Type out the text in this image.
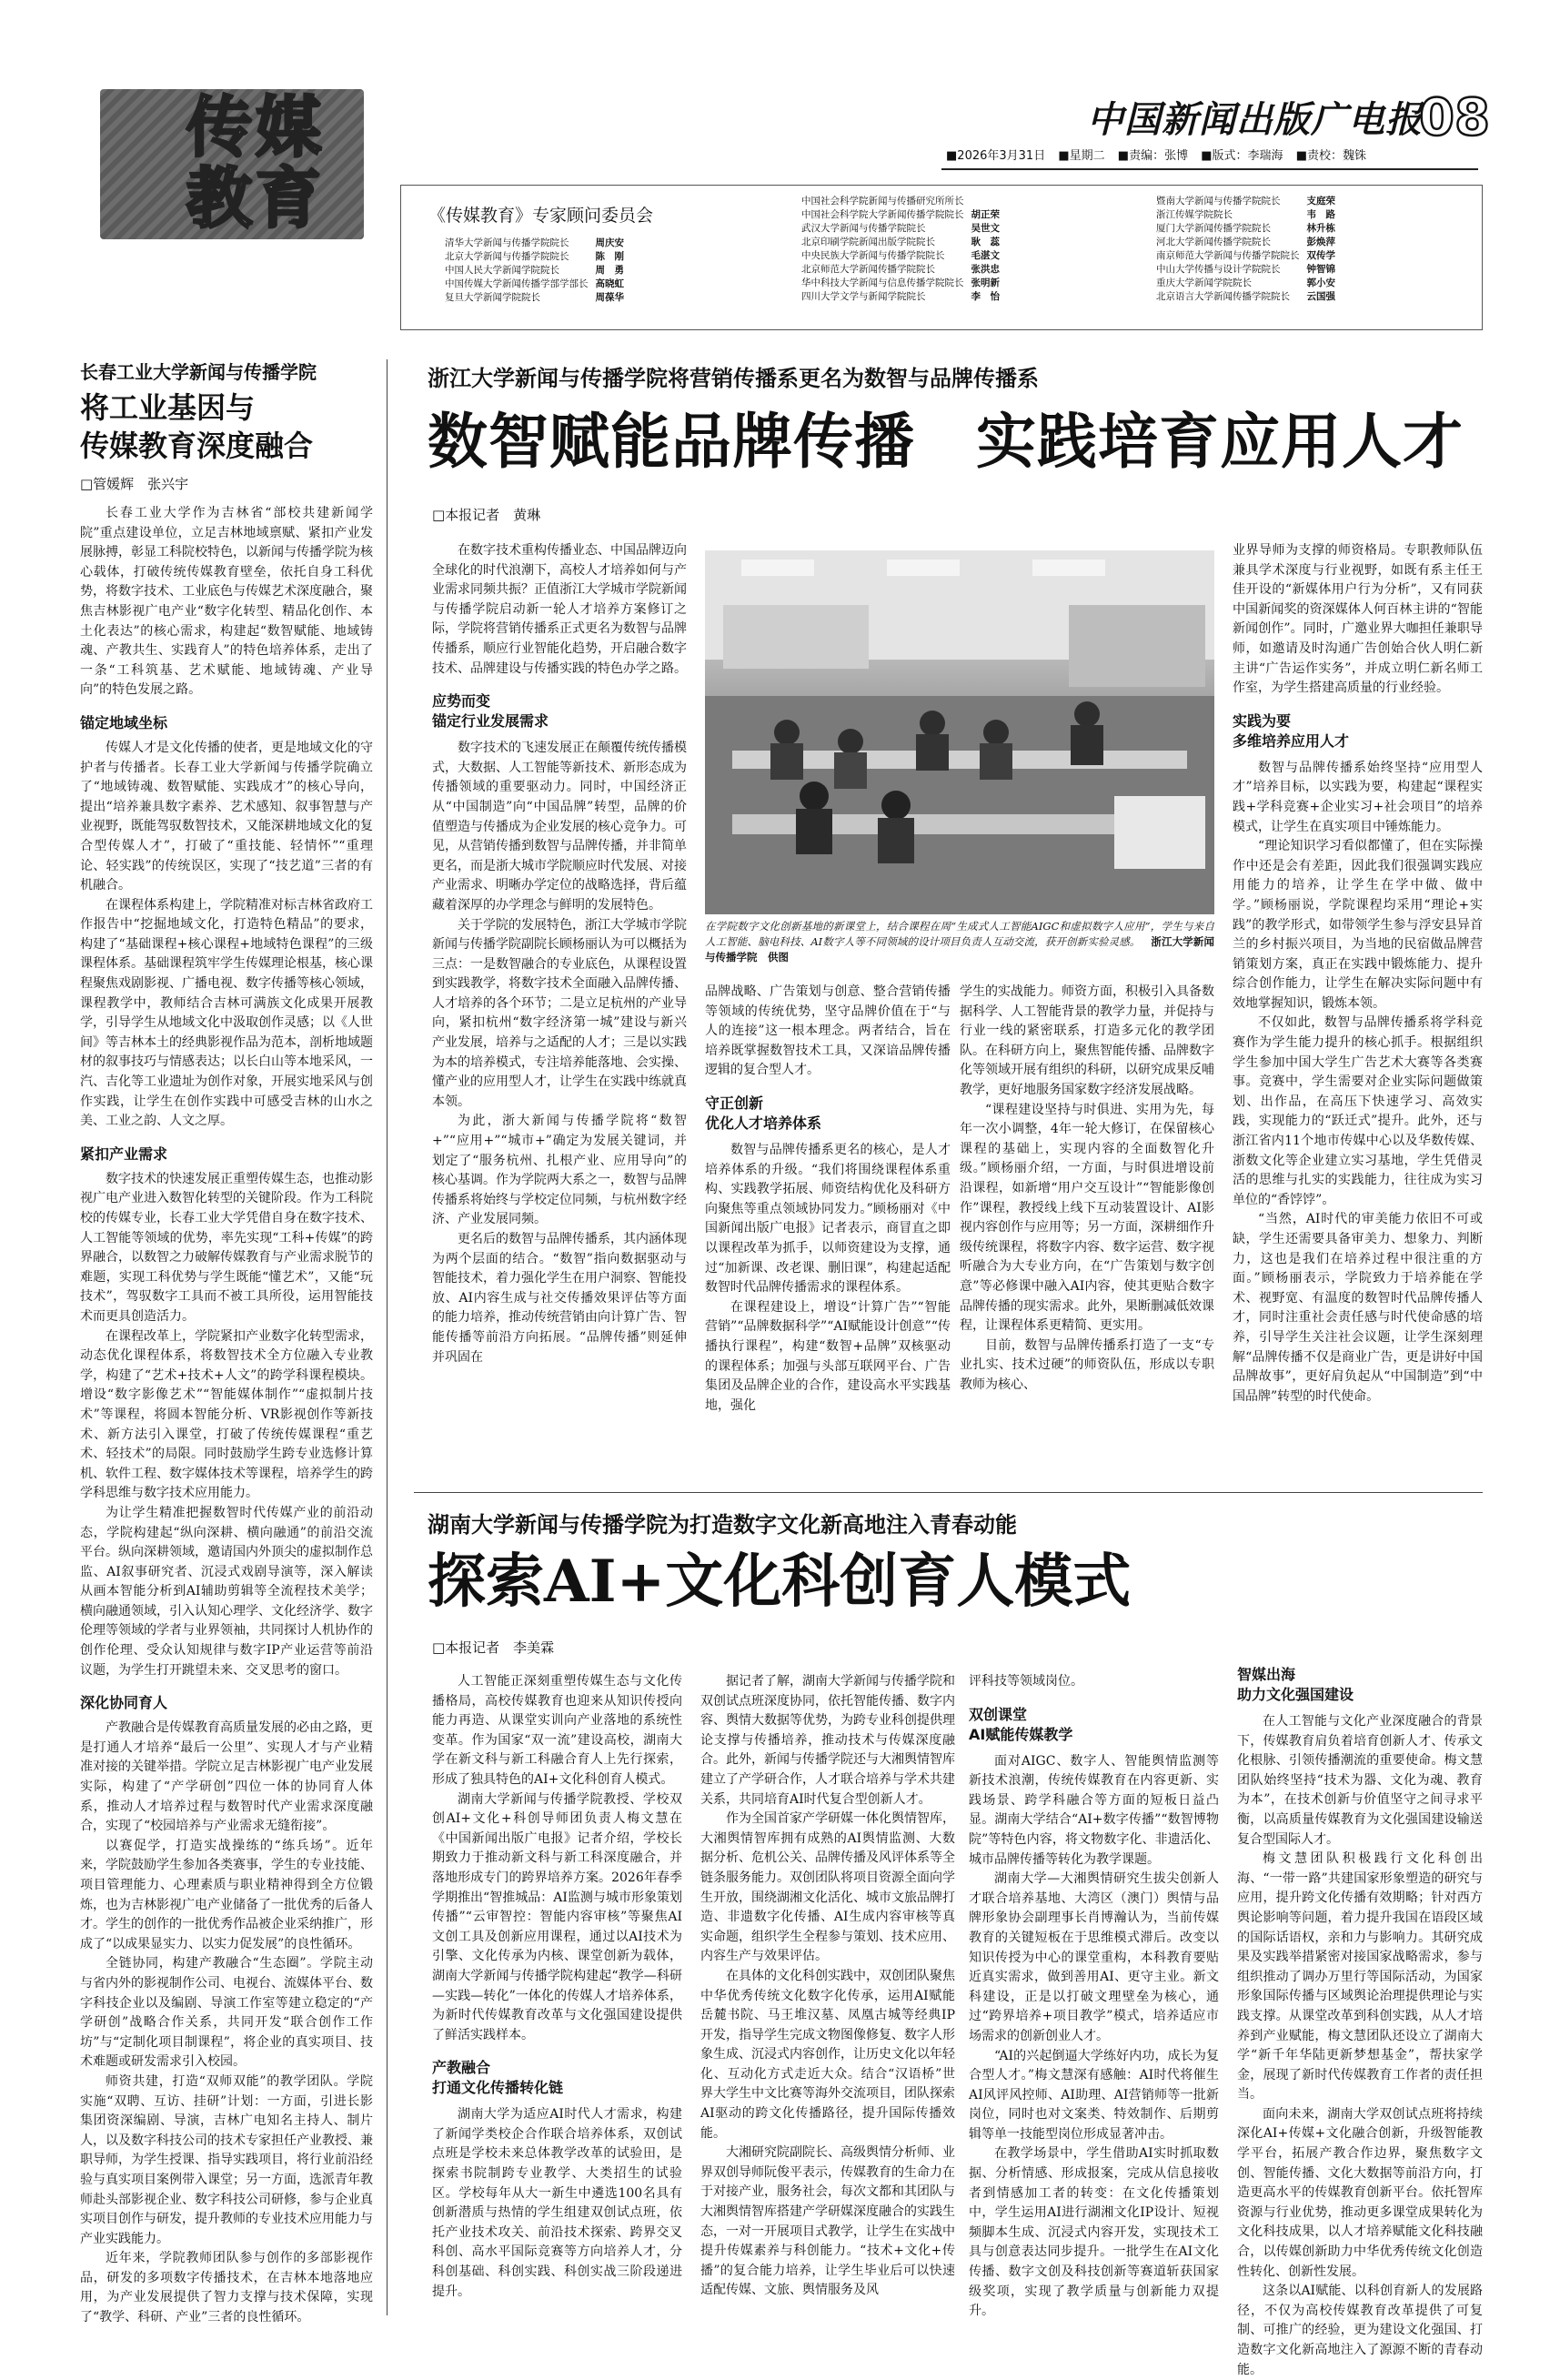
传媒
教育
中国新闻出版广电报
08
■2026年3月31日 ■星期二 ■责编：张博 ■版式：李瑞海 ■责校：魏铢
《传媒教育》专家顾问委员会
清华大学新闻与传播学院院长	周庆安
北京大学新闻与传播学院院长	陈　刚
中国人民大学新闻学院院长	周　勇
中国传媒大学新闻传播学部学部长	高晓虹
复旦大学新闻学院院长	周葆华
中国社会科学院新闻与传播研究所所长	
中国社会科学院大学新闻传播学院院长	胡正荣
武汉大学新闻与传播学院院长	吴世文
北京印刷学院新闻出版学院院长	耿　蕊
中央民族大学新闻与传播学院院长	毛湛文
北京师范大学新闻传播学院院长	张洪忠
华中科技大学新闻与信息传播学院院长	张明新
四川大学文学与新闻学院院长	李　怡
暨南大学新闻与传播学院院长	支庭荣
浙江传媒学院院长	韦　路
厦门大学新闻传播学院院长	林升栋
河北大学新闻传播学院院长	彭焕萍
南京师范大学新闻与传播学院院长	双传学
中山大学传播与设计学院院长	钟智锦
重庆大学新闻学院院长	郭小安
北京语言大学新闻传播学院院长	云国强
长春工业大学新闻与传播学院
将工业基因与
传媒教育深度融合
□管媛辉　张兴宇

长春工业大学作为吉林省“部校共建新闻学院”重点建设单位，立足吉林地域禀赋、紧扣产业发展脉搏，彰显工科院校特色，以新闻与传播学院为核心载体，打破传统传媒教育壁垒，依托自身工科优势，将数字技术、工业底色与传媒艺术深度融合，聚焦吉林影视广电产业“数字化转型、精品化创作、本土化表达”的核心需求，构建起“数智赋能、地域铸魂、产教共生、实践育人”的特色培养体系，走出了一条“工科筑基、艺术赋能、地域铸魂、产业导向”的特色发展之路。

锚定地域坐标

传媒人才是文化传播的使者，更是地域文化的守护者与传播者。长春工业大学新闻与传播学院确立了“地域铸魂、数智赋能、实践成才”的核心导向，提出“培养兼具数字素养、艺术感知、叙事智慧与产业视野，既能驾驭数智技术，又能深耕地域文化的复合型传媒人才”，打破了“重技能、轻情怀”“重理论、轻实践”的传统误区，实现了“技艺道”三者的有机融合。

在课程体系构建上，学院精准对标吉林省政府工作报告中“挖掘地域文化，打造特色精品”的要求，构建了“基础课程+核心课程+地域特色课程”的三级课程体系。基础课程筑牢学生传媒理论根基，核心课程聚焦戏剧影视、广播电视、数字传播等核心领域，课程教学中，教师结合吉林可满族文化成果开展教学，引导学生从地域文化中汲取创作灵感；以《人世间》等吉林本土的经典影视作品为范本，剖析地域题材的叙事技巧与情感表达；以长白山等本地采风，一汽、吉化等工业遗址为创作对象，开展实地采风与创作实践，让学生在创作实践中可感受吉林的山水之美、工业之韵、人文之厚。

紧扣产业需求

数字技术的快速发展正重塑传媒生态，也推动影视广电产业进入数智化转型的关键阶段。作为工科院校的传媒专业，长春工业大学凭借自身在数字技术、人工智能等领域的优势，率先实现“工科+传媒”的跨界融合，以数智之力破解传媒教育与产业需求脱节的难题，实现工科优势与学生既能“懂艺术”，又能“玩技术”，驾驭数字工具而不被工具所役，运用智能技术而更具创造活力。

在课程改革上，学院紧扣产业数字化转型需求，动态优化课程体系，将数智技术全方位融入专业教学，构建了“艺术+技术+人文”的跨学科课程模块。增设“数字影像艺术”“智能媒体制作”“虚拟制片技术”等课程，将圆本智能分析、VR影视创作等新技术、新方法引入课堂，打破了传统传媒课程“重艺术、轻技术”的局限。同时鼓励学生跨专业选修计算机、软件工程、数字媒体技术等课程，培养学生的跨学科思维与数字技术应用能力。

为让学生精准把握数智时代传媒产业的前沿动态，学院构建起“纵向深耕、横向融通”的前沿交流平台。纵向深耕领域，邀请国内外顶尖的虚拟制作总监、AI叙事研究者、沉浸式戏剧导演等，深入解读从画本智能分析到AI辅助剪辑等全流程技术美学；横向融通领域，引入认知心理学、文化经济学、数字伦理等领域的学者与业界领袖，共同探讨人机协作的创作伦理、受众认知规律与数字IP产业运营等前沿议题，为学生打开跳望未来、交叉思考的窗口。

深化协同育人

产教融合是传媒教育高质量发展的必由之路，更是打通人才培养“最后一公里”、实现人才与产业精准对接的关键举措。学院立足吉林影视广电产业发展实际，构建了“产学研创”四位一体的协同育人体系，推动人才培养过程与数智时代产业需求深度融合，实现了“校园培养与产业需求无缝衔接”。

以赛促学，打造实战操练的“练兵场”。近年来，学院鼓励学生参加各类赛事，学生的专业技能、项目管理能力、心理素质与职业精神得到全方位锻炼，也为吉林影视广电产业储备了一批优秀的后备人才。学生的创作的一批优秀作品被企业采纳推广，形成了“以成果显实力、以实力促发展”的良性循环。

全链协同，构建产教融合“生态圈”。学院主动与省内外的影视制作公司、电视台、流媒体平台、数字科技企业以及编剧、导演工作室等建立稳定的“产学研创”战略合作关系，共同开发“联合创作工作坊”与“定制化项目制课程”，将企业的真实项目、技术难题或研发需求引入校园。

师资共建，打造“双师双能”的教学团队。学院实施“双聘、互访、挂研”计划：一方面，引进长影集团资深编剧、导演，吉林广电知名主持人、制片人，以及数字科技公司的技术专家担任产业教授、兼职导师，为学生授课、指导实践项目，将行业前沿经验与真实项目案例带入课堂；另一方面，选派青年教师赴头部影视企业、数字科技公司研修，参与企业真实项目创作与研发，提升教师的专业技术应用能力与产业实践能力。

近年来，学院教师团队参与创作的多部影视作品，研发的多项数字传播技术，在吉林本地落地应用，为产业发展提供了智力支撑与技术保障，实现了“教学、科研、产业”三者的良性循环。

浙江大学新闻与传播学院将营销传播系更名为数智与品牌传播系
数智赋能品牌传播　实践培育应用人才
□本报记者　黄琳

在数字技术重构传播业态、中国品牌迈向全球化的时代浪潮下，高校人才培养如何与产业需求同频共振？正值浙江大学城市学院新闻与传播学院启动新一轮人才培养方案修订之际，学院将营销传播系正式更名为数智与品牌传播系，顺应行业智能化趋势，开启融合数字技术、品牌建设与传播实践的特色办学之路。

应势而变
锚定行业发展需求

数字技术的飞速发展正在颠覆传统传播模式，大数据、人工智能等新技术、新形态成为传播领域的重要驱动力。同时，中国经济正从“中国制造”向“中国品牌”转型，品牌的价值塑造与传播成为企业发展的核心竞争力。可见，从营销传播到数智与品牌传播，并非简单更名，而是浙大城市学院顺应时代发展、对接产业需求、明晰办学定位的战略选择，背后蕴藏着深厚的办学理念与鲜明的发展特色。

关于学院的发展特色，浙江大学城市学院新闻与传播学院副院长顾杨丽认为可以概括为三点：一是数智融合的专业底色，从课程设置到实践教学，将数字技术全面融入品牌传播、人才培养的各个环节；二是立足杭州的产业导向，紧扣杭州“数字经济第一城”建设与新兴产业发展，培养与之适配的人才；三是以实践为本的培养模式，专注培养能落地、会实操、懂产业的应用型人才，让学生在实践中练就真本领。

为此，浙大新闻与传播学院将“数智+”“应用+”“城市+”确定为发展关键词，并划定了“服务杭州、扎根产业、应用导向”的核心基调。作为学院两大系之一，数智与品牌传播系将始终与学校定位同频，与杭州数字经济、产业发展同频。

更名后的数智与品牌传播系，其内涵体现为两个层面的结合。“数智”指向数据驱动与智能技术，着力强化学生在用户洞察、智能投放、AI内容生成与社交传播效果评估等方面的能力培养，推动传统营销由向计算广告、智能传播等前沿方向拓展。“品牌传播”则延伸并巩固在

在学院数字文化创新基地的新课堂上，结合课程在周“生成式人工智能AIGC和虚拟数字人应用”，学生与来自人工智能、脑电科技、AI数字人等不同领域的设计项目负责人互动交流，获开创新实验灵感。 浙江大学新闻与传播学院　供图

品牌战略、广告策划与创意、整合营销传播等领域的传统优势，坚守品牌价值在于“与人的连接”这一根本理念。两者结合，旨在培养既掌握数智技术工具，又深谙品牌传播逻辑的复合型人才。

守正创新
优化人才培养体系

数智与品牌传播系更名的核心，是人才培养体系的升级。“我们将围绕课程体系重构、实践教学拓展、师资结构优化及科研方向聚焦等重点领域协同发力。”顾杨丽对《中国新闻出版广电报》记者表示，商冒直之即以课程改革为抓手，以师资建设为支撑，通过“加新课、改老课、删旧课”，构建起适配数智时代品牌传播需求的课程体系。

在课程建设上，增设“计算广告”“智能营销”“品牌数据科学”“AI赋能设计创意”“传播执行课程”，构建“数智+品牌”双核驱动的课程体系；加强与头部互联网平台、广告集团及品牌企业的合作，建设高水平实践基地，强化

学生的实战能力。师资方面，积极引入具备数据科学、人工智能背景的教学力量，并促持与行业一线的紧密联系，打造多元化的教学团队。在科研方向上，聚焦智能传播、品牌数字化等领域开展有组织的科研，以研究成果反哺教学，更好地服务国家数字经济发展战略。

“课程建设坚持与时俱进、实用为先，每年一次小调整，4年一轮大修订，在保留核心课程的基础上，实现内容的全面数智化升级。”顾杨丽介绍，一方面，与时俱进增设前沿课程，如新增“用户交互设计”“智能影像创作”课程，教授线上线下互动装置设计、AI影视内容创作与应用等；另一方面，深耕细作升级传统课程，将数字内容、数字运营、数字视听融合为大专业方向，在“广告策划与数字创意”等必修课中融入AI内容，使其更贴合数字品牌传播的现实需求。此外，果断删减低效课程，让课程体系更精简、更实用。

目前，数智与品牌传播系打造了一支“专业扎实、技术过硬”的师资队伍，形成以专职教师为核心、

业界导师为支撑的师资格局。专职教师队伍兼具学术深度与行业视野，如既有系主任王佳开设的“新媒体用户行为分析”，又有同获中国新闻奖的资深媒体人何百林主讲的“智能新闻创作”。同时，广邀业界大咖担任兼职导师，如邀请及时沟通广告创始合伙人明仁新主讲“广告运作实务”，并成立明仁新名师工作室，为学生搭建高质量的行业经验。

实践为要
多维培养应用人才

数智与品牌传播系始终坚持“应用型人才”培养目标，以实践为要，构建起“课程实践+学科竞赛+企业实习+社会项目”的培养模式，让学生在真实项目中锤炼能力。

“理论知识学习看似都懂了，但在实际操作中还是会有差距，因此我们很强调实践应用能力的培养，让学生在学中做、做中学。”顾杨丽说，学院课程均采用“理论+实践”的教学形式，如带领学生参与浮安县异首兰的乡村振兴项目，为当地的民宿做品牌营销策划方案，真正在实践中锻炼能力、提升综合创作能力，让学生在解决实际问题中有效地掌握知识，锻炼本领。

不仅如此，数智与品牌传播系将学科竞赛作为学生能力提升的核心抓手。根据组织学生参加中国大学生广告艺术大赛等各类赛事。竞赛中，学生需要对企业实际问题做策划、出作品，在高压下快速学习、高效实践，实现能力的“跃迁式”提升。此外，还与浙江省内11个地市传媒中心以及华数传媒、浙数文化等企业建立实习基地，学生凭借灵活的思维与扎实的实践能力，往往成为实习单位的“香饽饽”。

“当然，AI时代的审美能力依旧不可或缺，学生还需要具备审美力、想象力、判断力，这也是我们在培养过程中很注重的方面。”顾杨丽表示，学院致力于培养能在学术、视野宽、有温度的数智时代品牌传播人才，同时注重社会责任感与时代使命感的培养，引导学生关注社会议题，让学生深刻理解“品牌传播不仅是商业广告，更是讲好中国品牌故事”，更好肩负起从“中国制造”到“中国品牌”转型的时代使命。

湖南大学新闻与传播学院为打造数字文化新高地注入青春动能
探索AI+文化科创育人模式
□本报记者　李美霖

人工智能正深刻重塑传媒生态与文化传播格局，高校传媒教育也迎来从知识传授向能力再造、从课堂实训向产业落地的系统性变革。作为国家“双一流”建设高校，湖南大学在新文科与新工科融合育人上先行探索，形成了独具特色的AI+文化科创育人模式。

湖南大学新闻与传播学院教授、学校双创AI+文化+科创导师团负责人梅文慧在《中国新闻出版广电报》记者介绍，学校长期致力于推动新文科与新工科深度融合，并落地形成专门的跨界培养方案。2026年春季学期推出“智推城品：AI监测与城市形象策划传播”“云审智控：智能内容审核”等聚焦AI文创工具及创新应用课程，通过以AI技术为引擎、文化传承为内核、课堂创新为载体，湖南大学新闻与传播学院构建起“教学—科研—实践—转化”一体化的传媒人才培养体系，为新时代传媒教育改革与文化强国建设提供了鲜活实践样本。

产教融合
打通文化传播转化链

湖南大学为适应AI时代人才需求，构建了新闻学类校企合作联合培养体系，双创试点班是学校未来总体教学改革的试验田，是探索书院制跨专业教学、大类招生的试验区。学校每年从大一新生中遴选100名具有创新潜质与热情的学生组建双创试点班，依托产业技术攻关、前沿技术探索、跨界交叉科创、高水平国际竞赛等方向培养人才，分科创基础、科创实践、科创实战三阶段递进提升。

据记者了解，湖南大学新闻与传播学院和双创试点班深度协同，依托智能传播、数字内容、舆情大数据等优势，为跨专业科创提供理论支撑与传播培养，推动技术与传媒深度融合。此外，新闻与传播学院还与大湘舆情智库建立了产学研合作，人才联合培养与学术共建关系，共同培育AI时代复合型创新人才。

作为全国首家产学研媒一体化舆情智库，大湘舆情智库拥有成熟的AI舆情监测、大数据分析、危机公关、品牌传播及风评体系等全链条服务能力。双创团队将项目资源全面向学生开放，围绕湖湘文化活化、城市文旅品牌打造、非遗数字化传播、AI生成内容审核等真实命题，组织学生全程参与策划、技术应用、内容生产与效果评估。

在具体的文化科创实践中，双创团队聚焦中华优秀传统文化数字化传承，运用AI赋能岳麓书院、马王堆汉墓、凤凰古城等经典IP开发，指导学生完成文物图像修复、数字人形象生成、沉浸式内容创作，让历史文化以年轻化、互动化方式走近大众。结合“汉语桥”世界大学生中文比赛等海外交流项目，团队探索AI驱动的跨文化传播路径，提升国际传播效能。

大湘研究院副院长、高级舆情分析师、业界双创导师阮俊平表示，传媒教育的生命力在于对接产业，服务社会，每次文都和其团队与大湘舆情智库搭建产学研媒深度融合的实践生态，一对一开展项目式教学，让学生在实战中提升传媒素养与科创能力。“技术+文化+传播”的复合能力培养，让学生毕业后可以快速适配传媒、文旅、舆情服务及风

评科技等领域岗位。

双创课堂
AI赋能传媒教学

面对AIGC、数字人、智能舆情监测等新技术浪潮，传统传媒教育在内容更新、实践场景、跨学科融合等方面的短板日益凸显。湖南大学结合“AI+数字传播”“数智博物院”等特色内容，将文物数字化、非遗活化、城市品牌传播等转化为教学课题。

湖南大学—大湘舆情研究生拔尖创新人才联合培养基地、大湾区（澳门）舆情与品牌形象协会副理事长肖博瀚认为，当前传媒教育的关键短板在于思维模式滞后。改变以知识传授为中心的课堂重构，本科教育要贴近真实需求，做到善用AI、更守主业。新文科建设，正是以打破文理壁垒为核心，通过“跨界培养+项目教学”模式，培养适应市场需求的创新创业人才。

“AI的兴起倒逼大学练好内功，成长为复合型人才。”梅文慧深有感触：AI时代将催生AI风评风控师、AI助理、AI营销师等一批新岗位，同时也对文案类、特效制作、后期剪辑等单一技能型岗位形成显著冲击。

在教学场景中，学生借助AI实时抓取数据、分析情感、形成报案，完成从信息接收者到情感加工者的转变：在文化传播策划中，学生运用AI进行湖湘文化IP设计、短视频脚本生成、沉浸式内容开发，实现技术工具与创意表达同步提升。一批学生在AI文化传播、数字文创及科技创新等赛道斩获国家级奖项，实现了教学质量与创新能力双提升。

智媒出海
助力文化强国建设

在人工智能与文化产业深度融合的背景下，传媒教育肩负着培育创新人才、传承文化根脉、引领传播潮流的重要使命。梅文慧团队始终坚持“技术为器、文化为魂、教育为本”，在技术创新与价值坚守之间寻求平衡，以高质量传媒教育为文化强国建设输送复合型国际人才。

梅文慧团队积极践行文化科创出海、“一带一路”共建国家形象塑造的研究与应用，提升跨文化传播有效期略；针对西方舆论影响等问题，着力提升我国在语段区域的国际话语权，亲和力与影响力。其研究成果及实践举措紧密对接国家战略需求，参与组织推动了调办万里行等国际活动，为国家形象国际传播与区域舆论治理提供理论与实践支撑。从课堂改革到科创实践，从人才培养到产业赋能，梅文慧团队还设立了湖南大学“新千年华陆更新梦想基金”，帮扶家学金，展现了新时代传媒教育工作者的责任担当。

面向未来，湖南大学双创试点班将持续深化AI+传媒+文化融合创新，升级智能教学平台，拓展产教合作边界，聚焦数字文创、智能传播、文化大数据等前沿方向，打造更高水平的传媒教育创新平台。依托智库资源与行业优势，推动更多课堂成果转化为文化科技成果，以人才培养赋能文化科技融合，以传媒创新助力中华优秀传统文化创造性转化、创新性发展。

这条以AI赋能、以科创育新人的发展路径，不仅为高校传媒教育改革提供了可复制、可推广的经验，更为建设文化强国、打造数字文化新高地注入了源源不断的青春动能。
